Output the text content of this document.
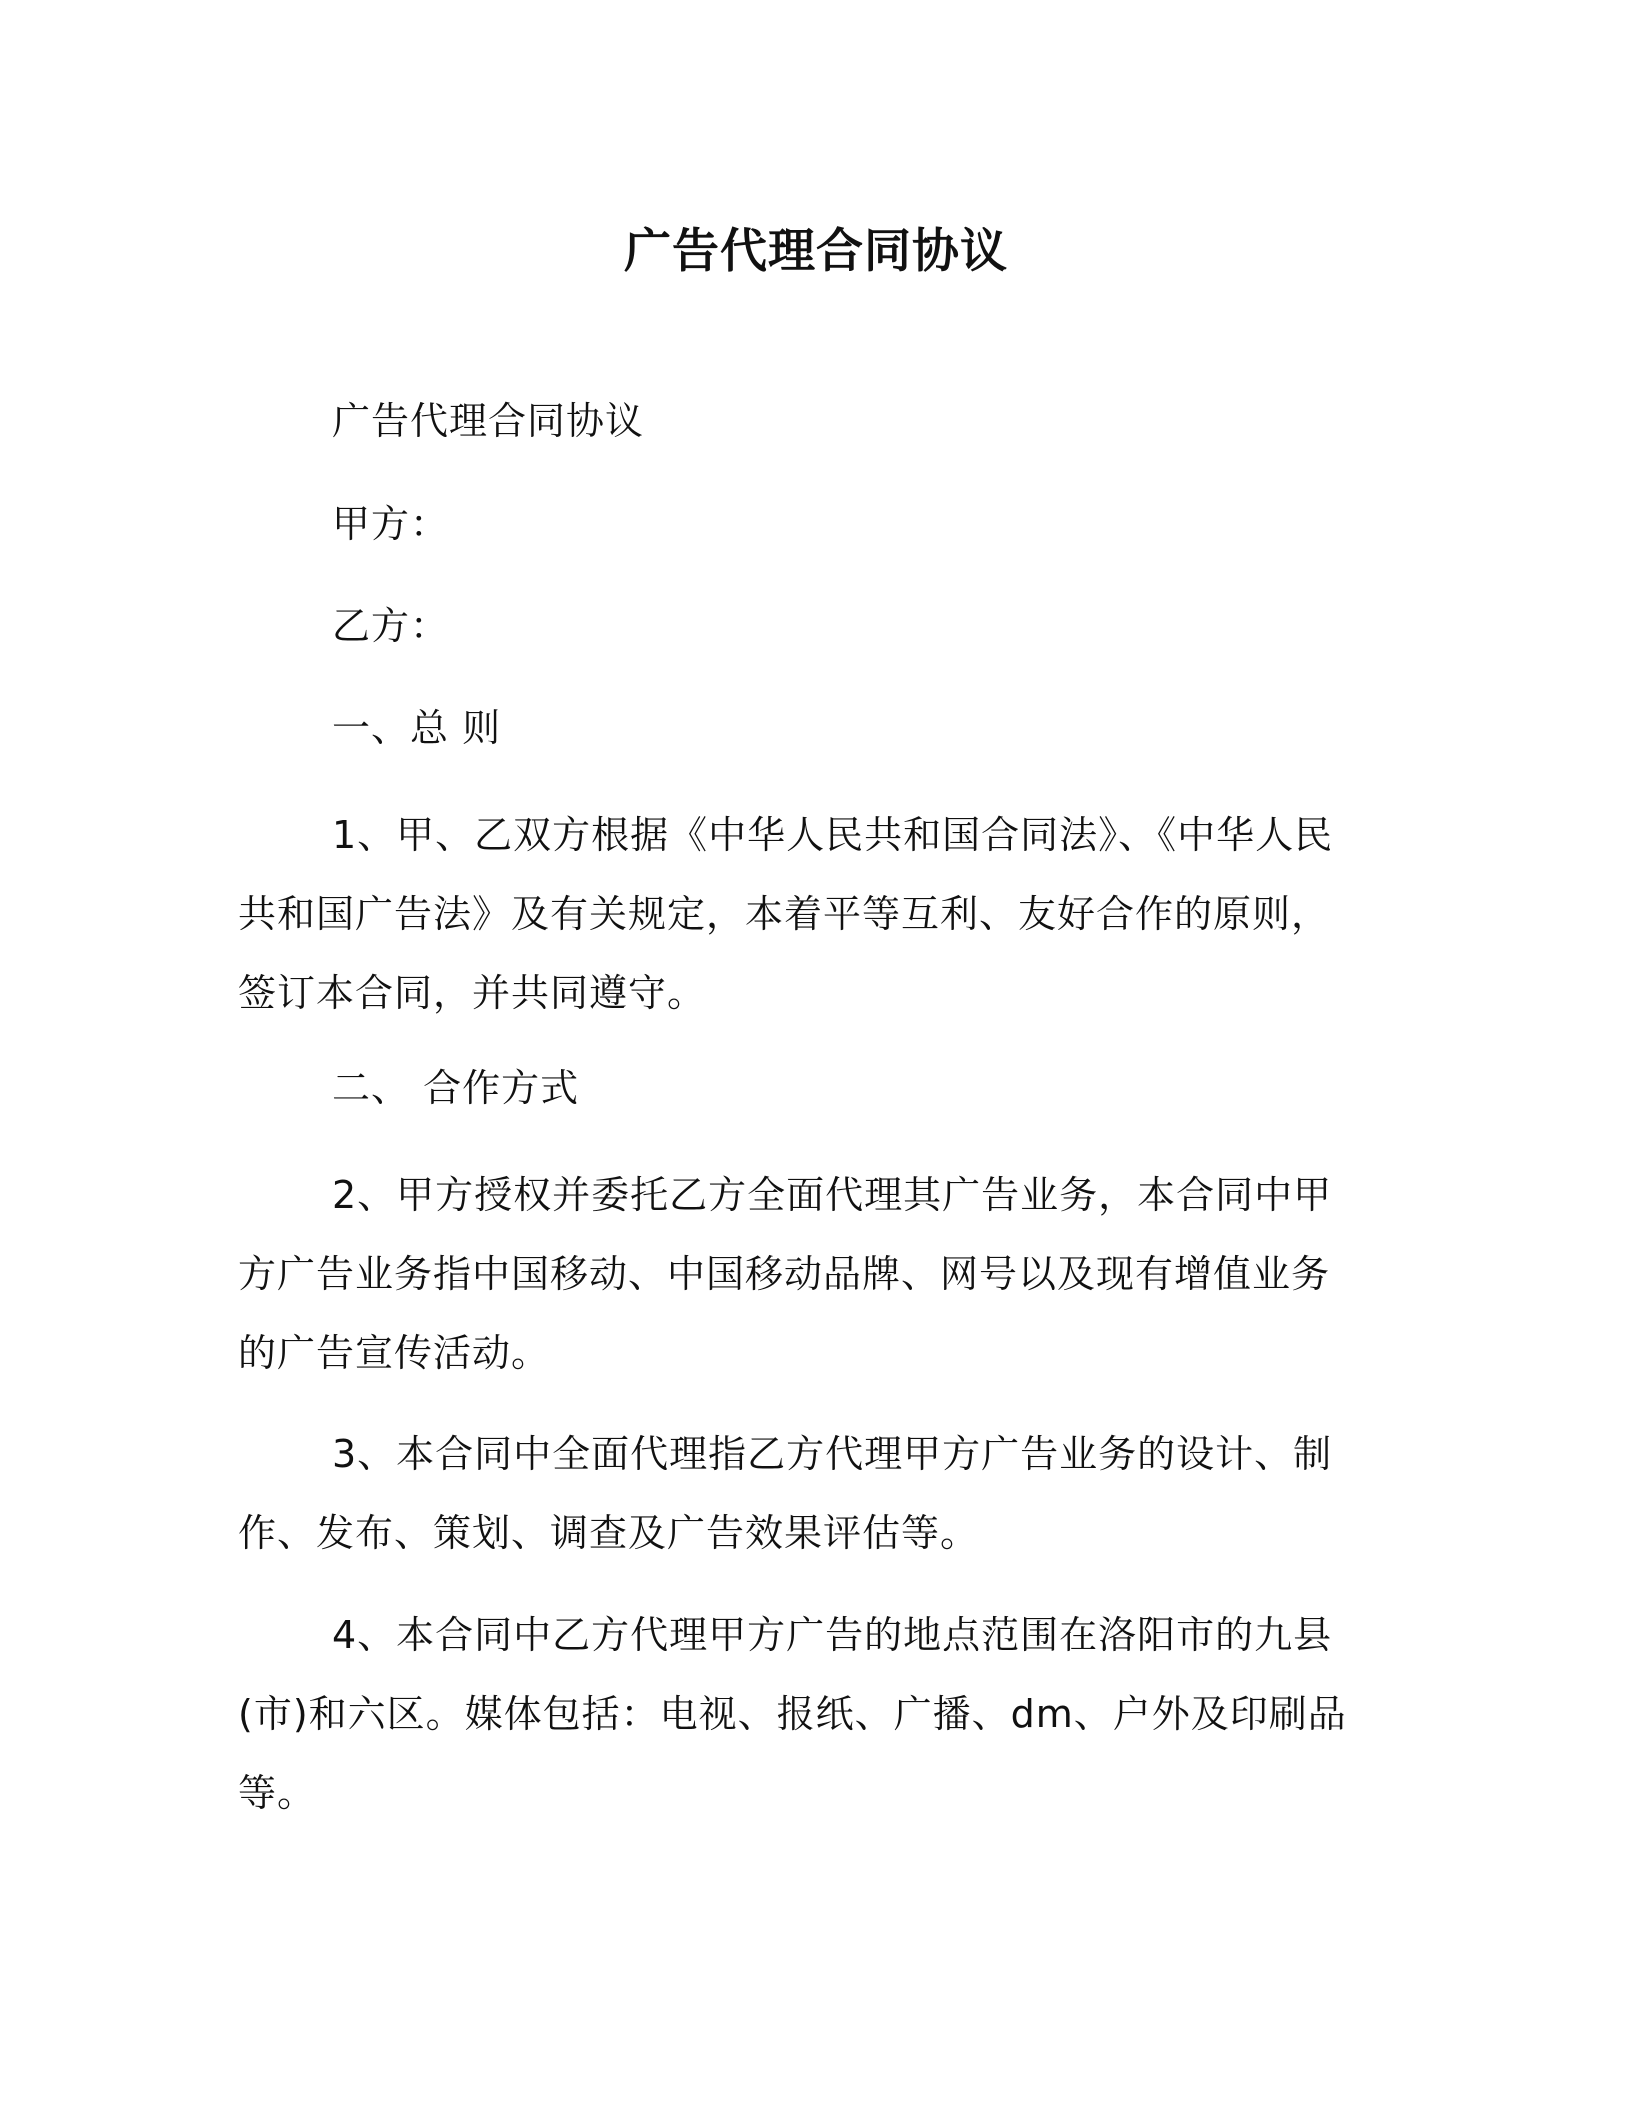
广告代理合同协议
广告代理合同协议
甲方：
乙方：
一、总 则
1、甲、乙双方根据《中华人民共和国合同法》、《中华人民共和国广告法》及有关规定，本着平等互利、友好合作的原则，签订本合同，并共同遵守。
二、 合作方式
2、甲方授权并委托乙方全面代理其广告业务，本合同中甲方广告业务指中国移动、中国移动品牌、网号以及现有增值业务的广告宣传活动。
3、本合同中全面代理指乙方代理甲方广告业务的设计、制作、发布、策划、调查及广告效果评估等。
4、本合同中乙方代理甲方广告的地点范围在洛阳市的九县(市)和六区。媒体包括：电视、报纸、广播、dm、户外及印刷品等。
